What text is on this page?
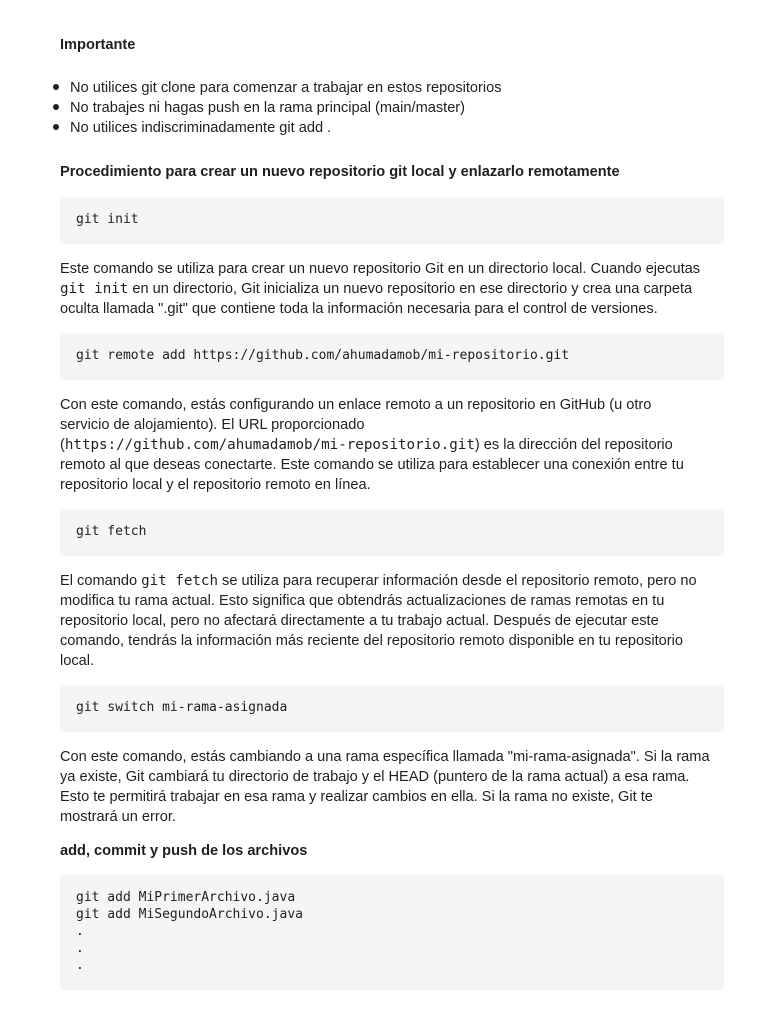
Importante

No utilices git clone para comenzar a trabajar en estos repositorios
No trabajes ni hagas push en la rama principal (main/master)
No utilices indiscriminadamente git add .

Procedimiento para crear un nuevo repositorio git local y enlazarlo remotamente

git init
Este comando se utiliza para crear un nuevo repositorio Git en un directorio local. Cuando ejecutas
git init en un directorio, Git inicializa un nuevo repositorio en ese directorio y crea una carpeta
oculta llamada ".git" que contiene toda la información necesaria para el control de versiones.
git remote add https://github.com/ahumadamob/mi-repositorio.git
Con este comando, estás configurando un enlace remoto a un repositorio en GitHub (u otro
servicio de alojamiento). El URL proporcionado
(https://github.com/ahumadamob/mi-repositorio.git) es la dirección del repositorio
remoto al que deseas conectarte. Este comando se utiliza para establecer una conexión entre tu
repositorio local y el repositorio remoto en línea.
git fetch
El comando git fetch se utiliza para recuperar información desde el repositorio remoto, pero no
modifica tu rama actual. Esto significa que obtendrás actualizaciones de ramas remotas en tu
repositorio local, pero no afectará directamente a tu trabajo actual. Después de ejecutar este
comando, tendrás la información más reciente del repositorio remoto disponible en tu repositorio
local.
git switch mi-rama-asignada
Con este comando, estás cambiando a una rama específica llamada "mi-rama-asignada". Si la rama
ya existe, Git cambiará tu directorio de trabajo y el HEAD (puntero de la rama actual) a esa rama.
Esto te permitirá trabajar en esa rama y realizar cambios en ella. Si la rama no existe, Git te
mostrará un error.

add, commit y push de los archivos

git add MiPrimerArchivo.java
git add MiSegundoArchivo.java
.
.
.
